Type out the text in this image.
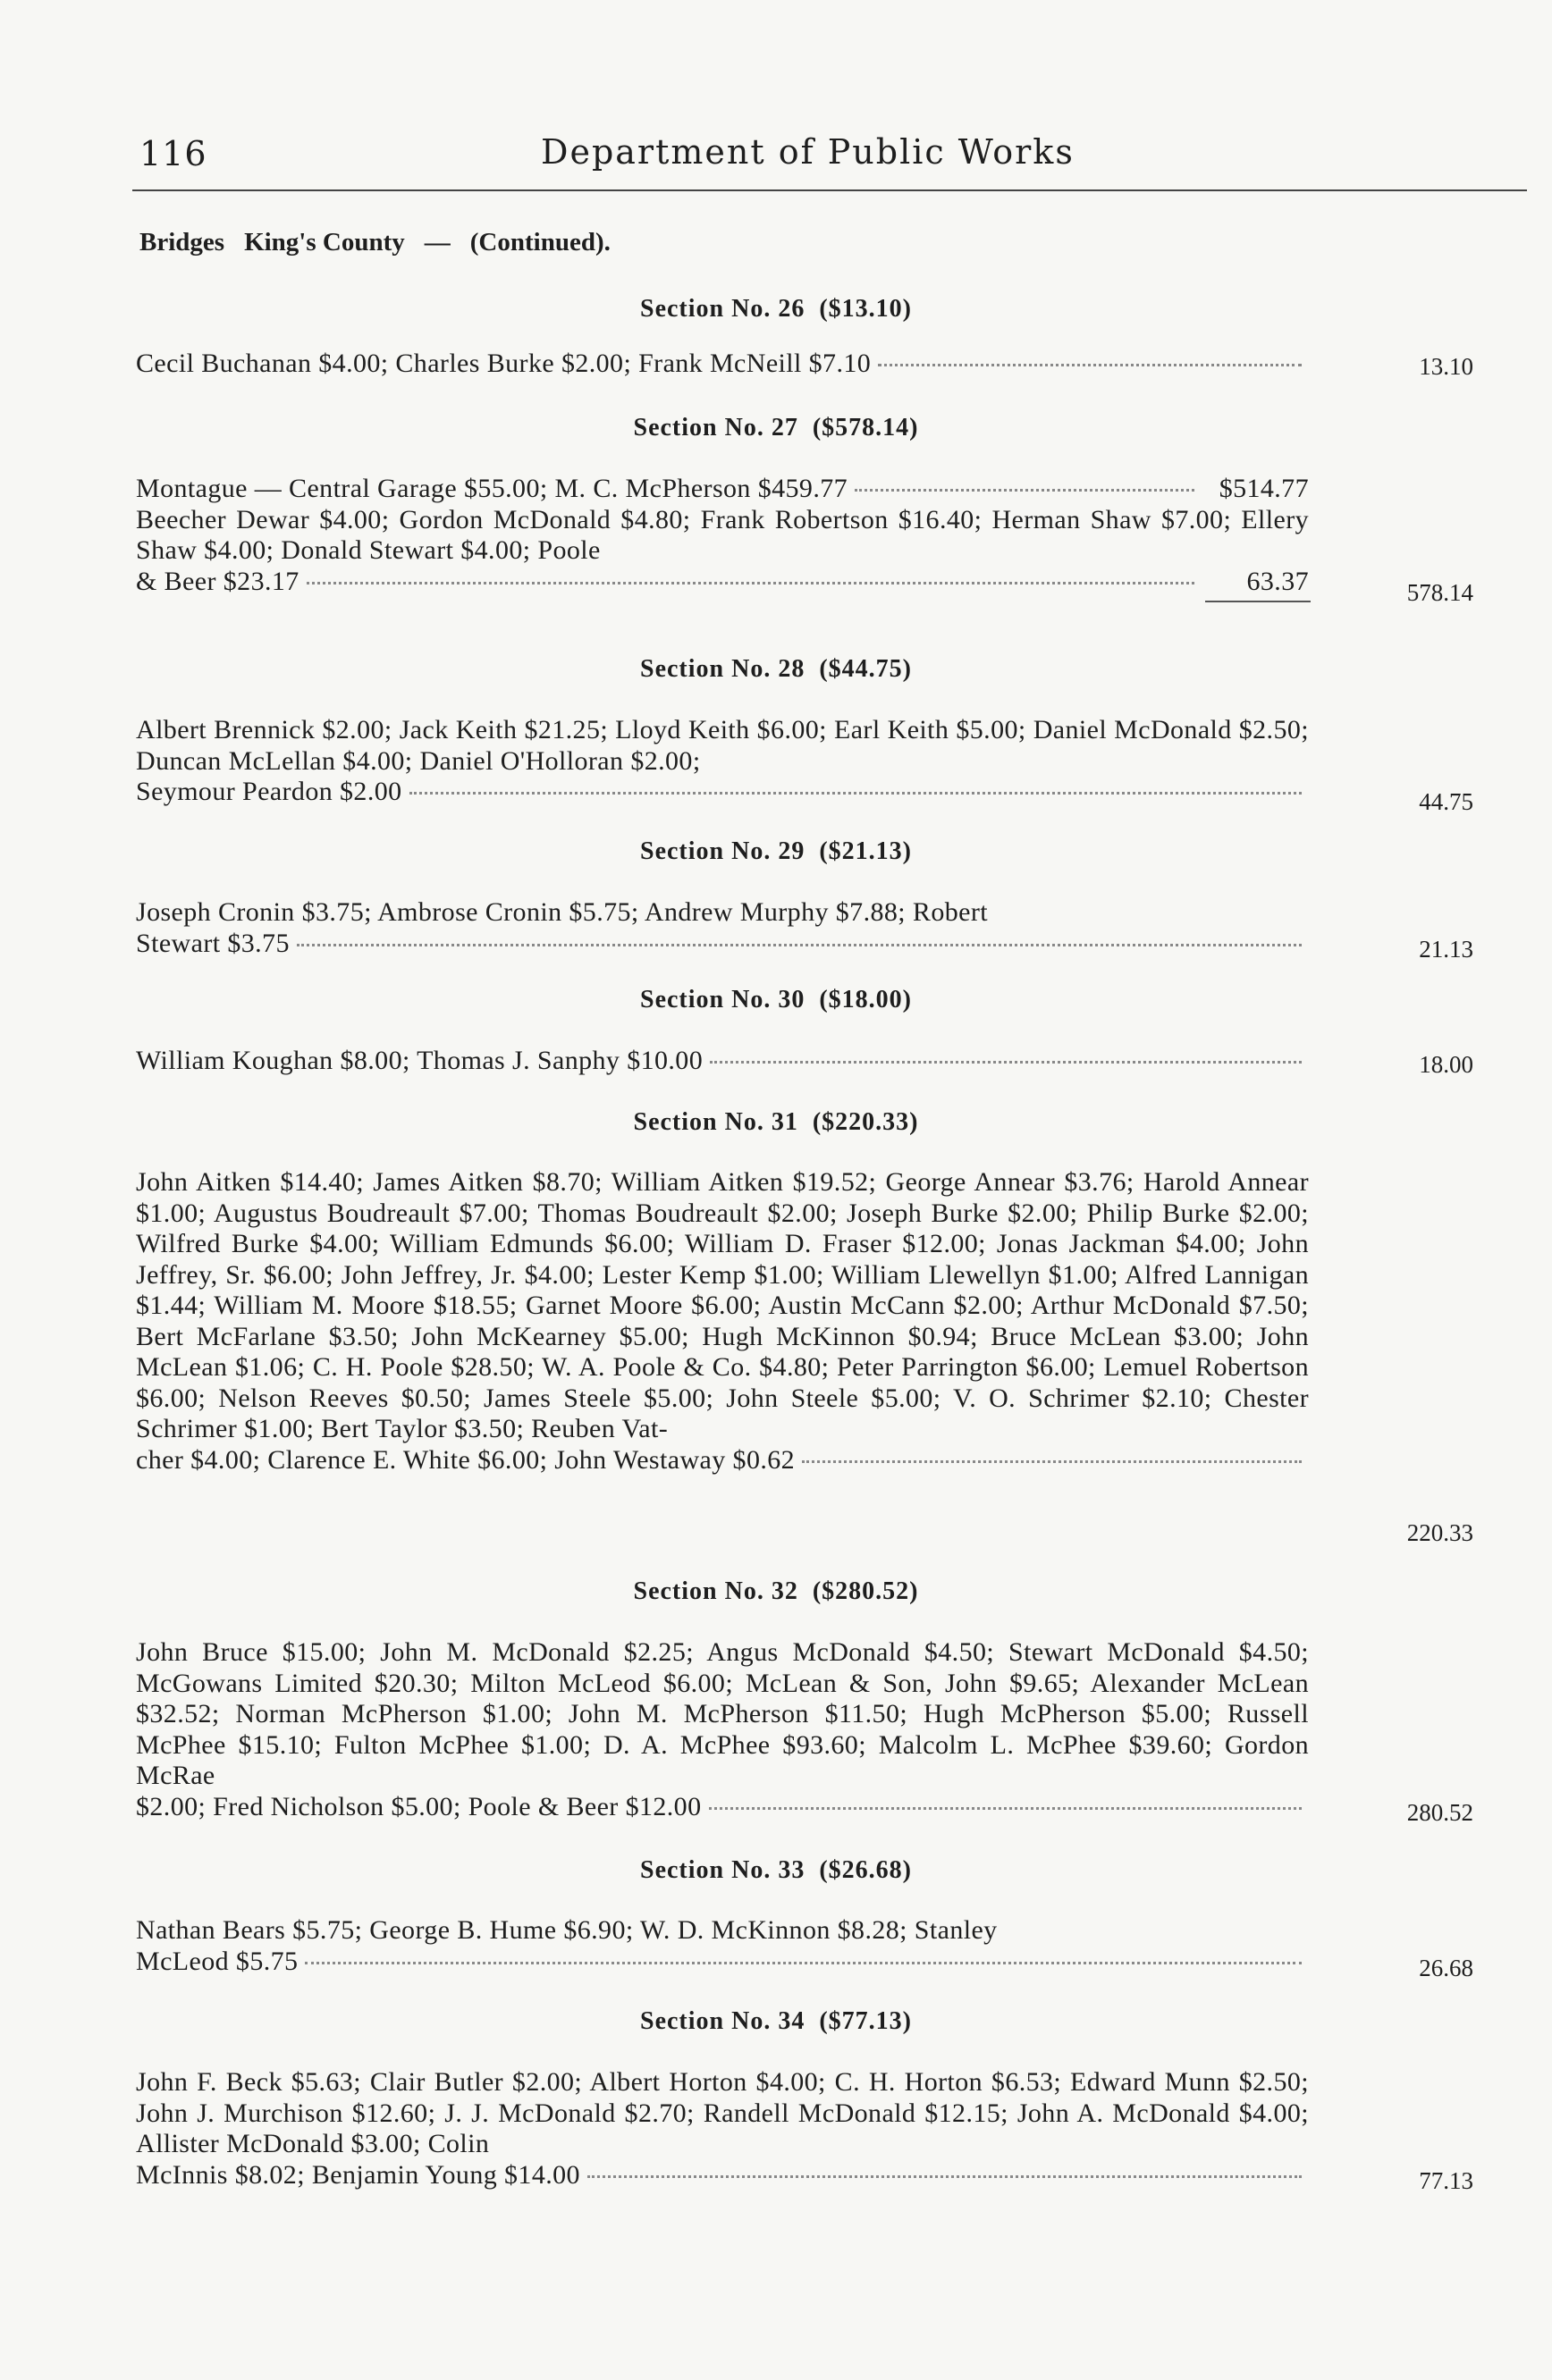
116	Department of Public Works
Bridges King's County — (Continued).
Section No. 26 ($13.10)
Cecil Buchanan $4.00; Charles Burke $2.00; Frank McNeill $7.10	13.10
Section No. 27 ($578.14)
Montague — Central Garage $55.00; M. C. McPherson $459.77	$514.77
Beecher Dewar $4.00; Gordon McDonald $4.80; Frank Robertson $16.40; Herman Shaw $7.00; Ellery Shaw $4.00; Donald Stewart $4.00; Poole
& Beer $23.17	63.37	578.14
Section No. 28 ($44.75)
Albert Brennick $2.00; Jack Keith $21.25; Lloyd Keith $6.00; Earl Keith $5.00; Daniel McDonald $2.50; Duncan McLellan $4.00; Daniel O'Holloran $2.00;
Seymour Peardon $2.00	44.75
Section No. 29 ($21.13)
Joseph Cronin $3.75; Ambrose Cronin $5.75; Andrew Murphy $7.88; Robert
Stewart $3.75	21.13
Section No. 30 ($18.00)
William Koughan $8.00; Thomas J. Sanphy $10.00	18.00
Section No. 31 ($220.33)
John Aitken $14.40; James Aitken $8.70; William Aitken $19.52; George Annear $3.76; Harold Annear $1.00; Augustus Boudreault $7.00; Thomas Boudreault $2.00; Joseph Burke $2.00; Philip Burke $2.00; Wilfred Burke $4.00; William Edmunds $6.00; William D. Fraser $12.00; Jonas Jackman $4.00; John Jeffrey, Sr. $6.00; John Jeffrey, Jr. $4.00; Lester Kemp $1.00; William Llewellyn $1.00; Alfred Lannigan $1.44; William M. Moore $18.55; Garnet Moore $6.00; Austin McCann $2.00; Arthur McDonald $7.50; Bert McFarlane $3.50; John McKearney $5.00; Hugh McKinnon $0.94; Bruce McLean $3.00; John McLean $1.06; C. H. Poole $28.50; W. A. Poole & Co. $4.80; Peter Parrington $6.00; Lemuel Robertson $6.00; Nelson Reeves $0.50; James Steele $5.00; John Steele $5.00; V. O. Schrimer $2.10; Chester Schrimer $1.00; Bert Taylor $3.50; Reuben Vat-
cher $4.00; Clarence E. White $6.00; John Westaway $0.62
220.33
Section No. 32 ($280.52)
John Bruce $15.00; John M. McDonald $2.25; Angus McDonald $4.50; Stewart McDonald $4.50; McGowans Limited $20.30; Milton McLeod $6.00; McLean & Son, John $9.65; Alexander McLean $32.52; Norman McPherson $1.00; John M. McPherson $11.50; Hugh McPherson $5.00; Russell McPhee $15.10; Fulton McPhee $1.00; D. A. McPhee $93.60; Malcolm L. McPhee $39.60; Gordon McRae
$2.00; Fred Nicholson $5.00; Poole & Beer $12.00	280.52
Section No. 33 ($26.68)
Nathan Bears $5.75; George B. Hume $6.90; W. D. McKinnon $8.28; Stanley
McLeod $5.75	26.68
Section No. 34 ($77.13)
John F. Beck $5.63; Clair Butler $2.00; Albert Horton $4.00; C. H. Horton $6.53; Edward Munn $2.50; John J. Murchison $12.60; J. J. McDonald $2.70; Randell McDonald $12.15; John A. McDonald $4.00; Allister McDonald $3.00; Colin
McInnis $8.02; Benjamin Young $14.00	77.13
